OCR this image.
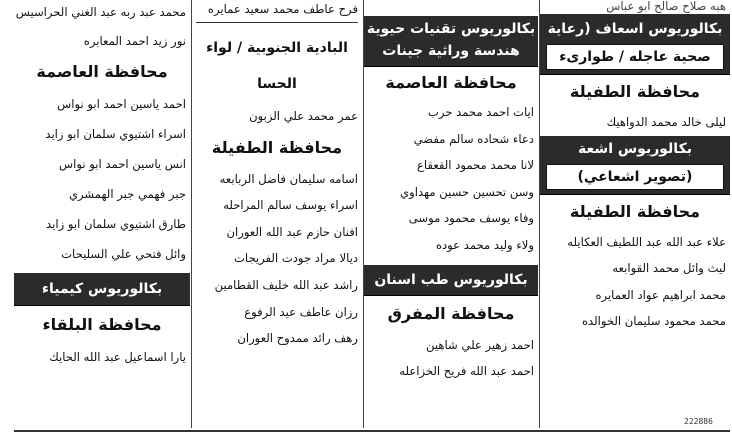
هبه صلاح صالح ابو عباس
بكالوريوس اسعاف (رعاية
صحية عاجله / طوارىء
محافظة الطفيلة
ليلى خالد محمد الدواهيك
بكالوريوس اشعة
(تصوير اشعاعي)
محافظة الطفيلة
علاء عبد الله عبد اللطيف العكايله
ليث وائل محمد القوابعه
محمد ابراهيم عواد العمايره
محمد محمود سليمان الخوالده
بكالوريوس تقنيات حيوية
هندسة وراثية جينات
محافظة العاصمة
ايات احمد محمد حرب
دعاء شحاده سالم مفضي
لانا محمد محمود القعقاع
وسن تحسين حسين مهداوي
وفاء يوسف محمود موسى
ولاء وليد محمد عوده
بكالوريوس طب اسنان
محافظة المفرق
احمد زهير علي شاهين
احمد عبد الله فريح الخزاعله
فرح عاطف محمد سعيد عمايره
البادية الجنوبية / لواء
الحسا
عمر محمد علي الزبون
محافظة الطفيلة
اسامه سليمان فاضل الربابعه
اسراء يوسف سالم المراحله
افنان حازم عبد الله العوران
ديالا مراد جودت الفريجات
راشد عبد الله خليف القطامين
رزان عاطف عيد الرفوع
رهف رائد ممدوح العوران
محمد عبد ربه عبد الغني الحراسيس
نور زيد احمد المعابره
محافظة العاصمة
احمد ياسين احمد ابو نواس
اسراء اشتيوي سلمان ابو زايد
انس ياسين احمد ابو نواس
جبر فهمي جبر الهمشري
طارق اشتيوي سلمان ابو زايد
وائل فتحي علي السليحات
بكالوريوس كيمياء
محافظة البلقاء
يارا اسماعيل عبد الله الحايك
222886
